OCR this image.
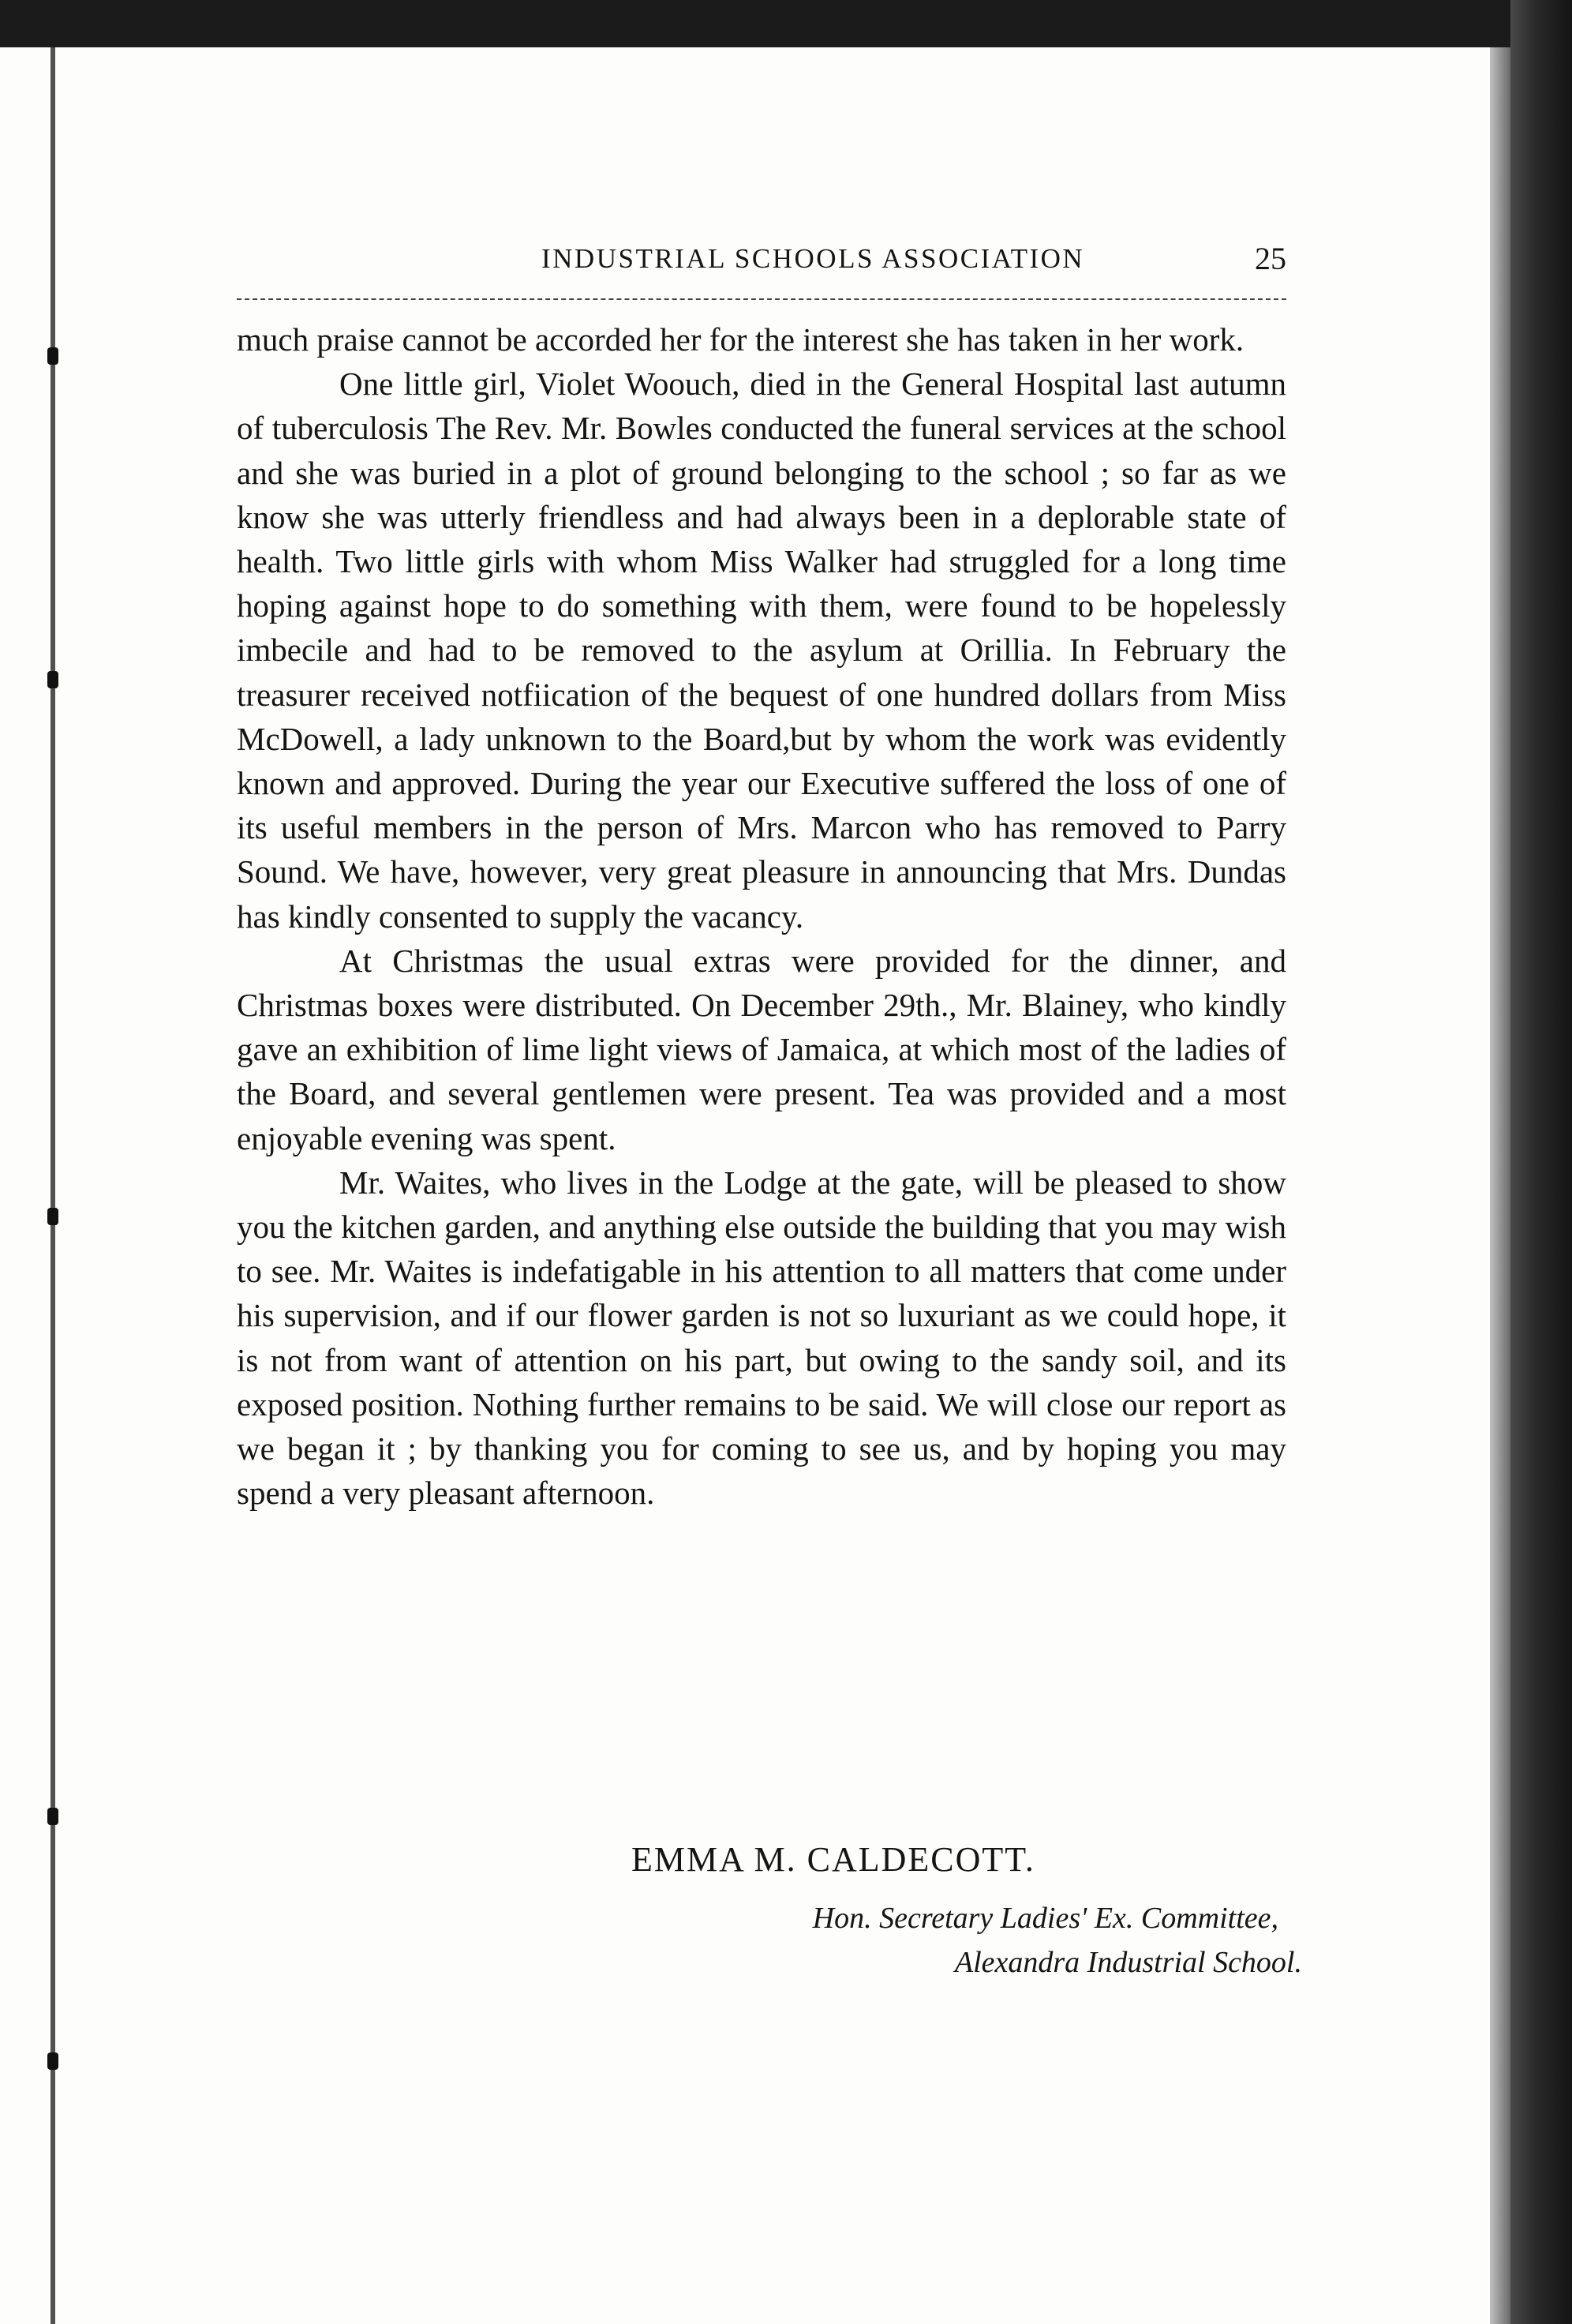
INDUSTRIAL SCHOOLS ASSOCIATION	25

much praise cannot be accorded her for the interest she has taken in her work.

One little girl, Violet Woouch, died in the General Hospital last autumn of tuberculosis The Rev. Mr. Bowles conducted the funeral services at the school and she was buried in a plot of ground belonging to the school ; so far as we know she was utterly friendless and had always been in a deplorable state of health. Two little girls with whom Miss Walker had struggled for a long time hoping against hope to do something with them, were found to be hopelessly imbecile and had to be removed to the asylum at Orillia. In February the treasurer received notfiication of the bequest of one hundred dollars from Miss McDowell, a lady unknown to the Board,but by whom the work was evidently known and approved. During the year our Executive suffered the loss of one of its useful members in the person of Mrs. Marcon who has removed to Parry Sound. We have, however, very great pleasure in announcing that Mrs. Dundas has kindly consented to supply the vacancy.

At Christmas the usual extras were provided for the dinner, and Christmas boxes were distributed. On December 29th., Mr. Blainey, who kindly gave an exhibition of lime light views of Jamaica, at which most of the ladies of the Board, and several gentlemen were present. Tea was provided and a most enjoyable evening was spent.

Mr. Waites, who lives in the Lodge at the gate, will be pleased to show you the kitchen garden, and anything else outside the building that you may wish to see. Mr. Waites is indefatigable in his attention to all matters that come under his supervision, and if our flower garden is not so luxuriant as we could hope, it is not from want of attention on his part, but owing to the sandy soil, and its exposed position. Nothing further remains to be said. We will close our report as we began it ; by thanking you for coming to see us, and by hoping you may spend a very pleasant afternoon.

EMMA M. CALDECOTT.
Hon. Secretary Ladies' Ex. Committee,
Alexandra Industrial School.
